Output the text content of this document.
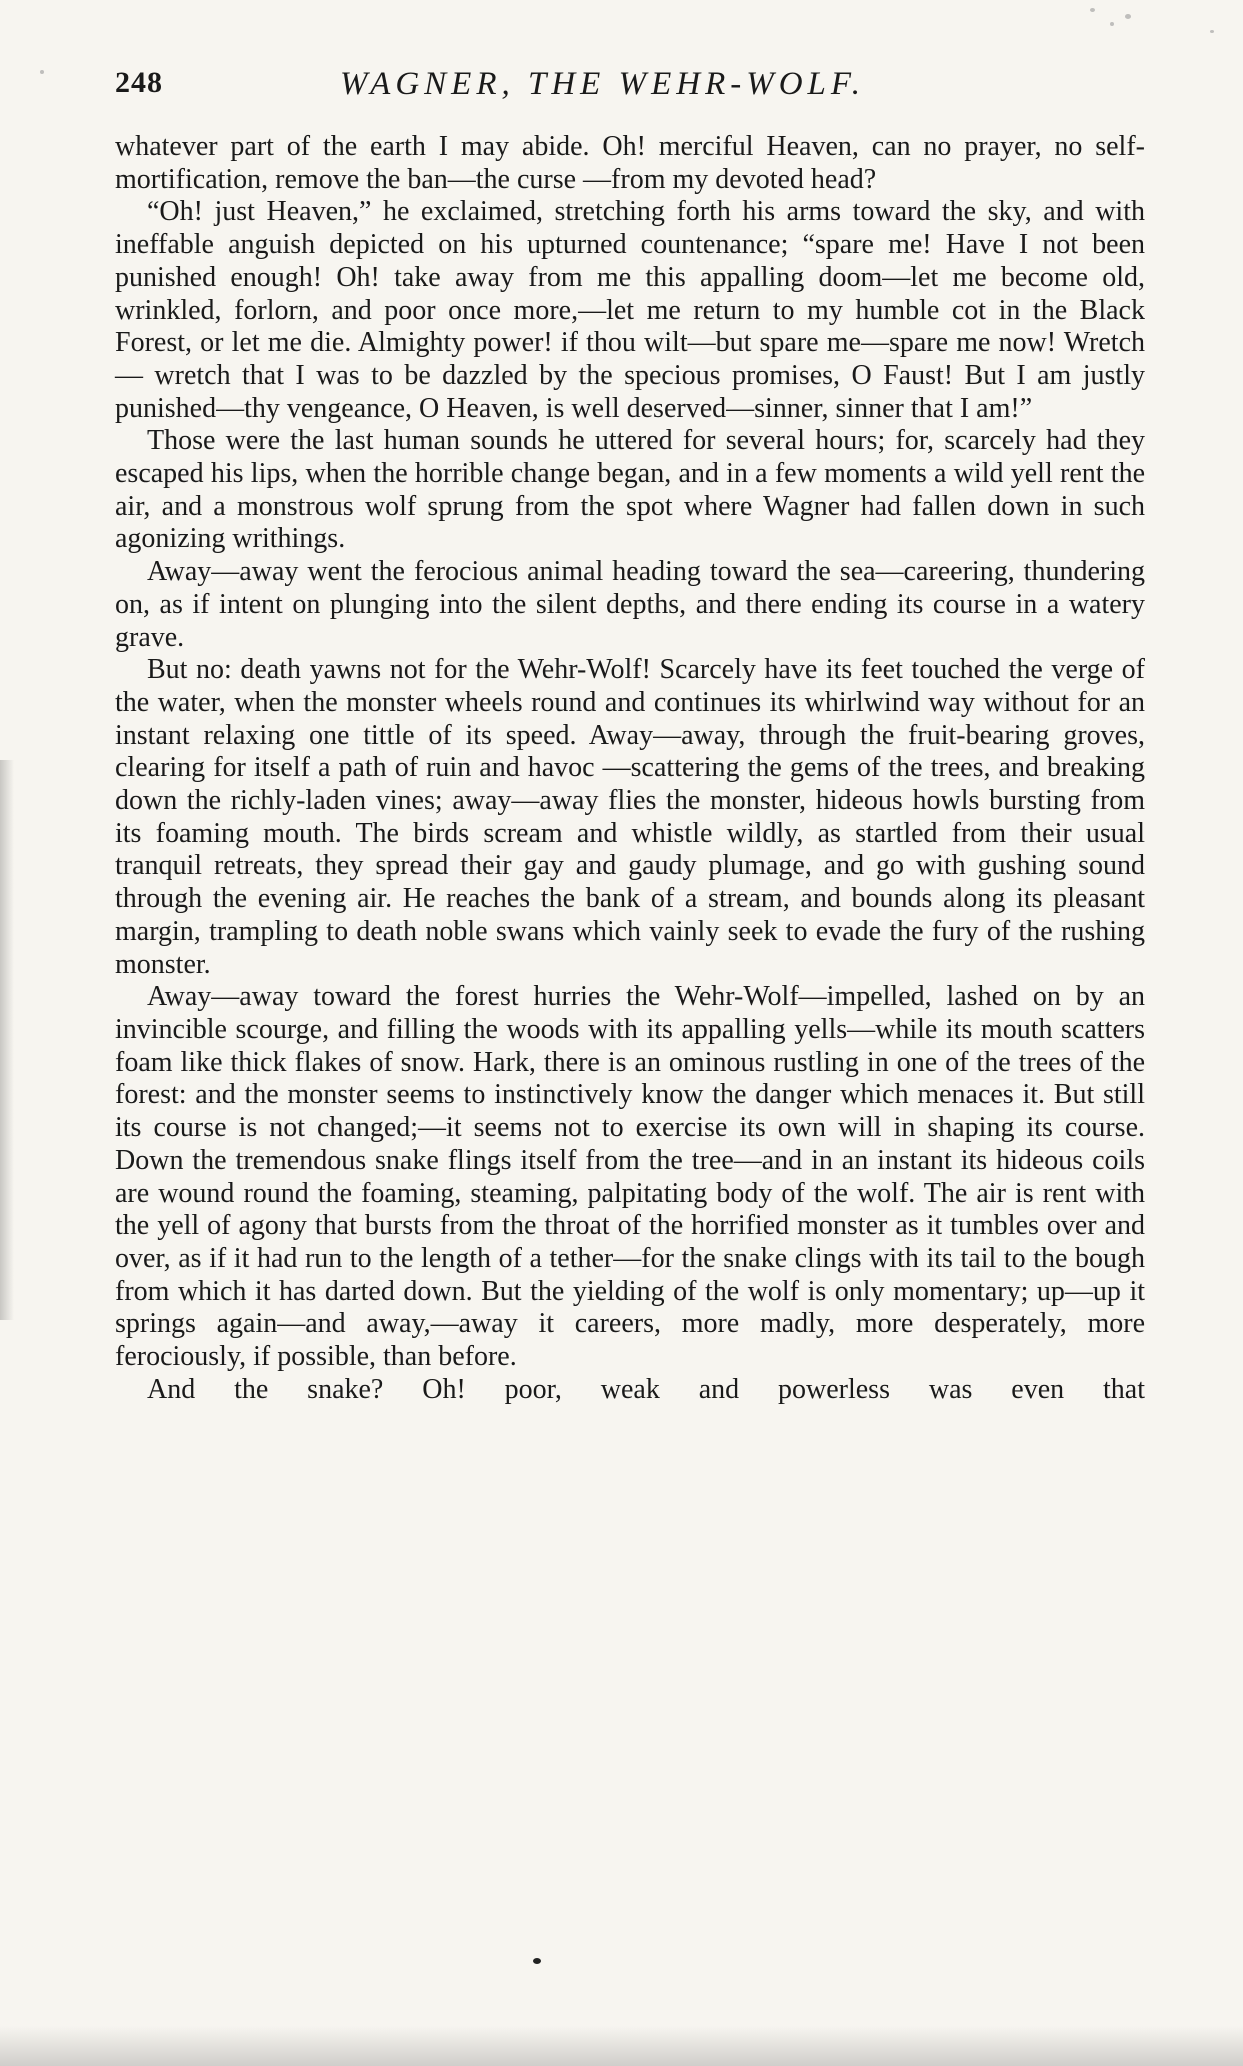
248	WAGNER, THE WEHR-WOLF.

whatever part of the earth I may abide. Oh! merciful Heaven, can no prayer, no self-mortification, remove the ban—the curse —from my devoted head?

“Oh! just Heaven,” he exclaimed, stretching forth his arms toward the sky, and with ineffable anguish depicted on his upturned countenance; “spare me! Have I not been punished enough! Oh! take away from me this appalling doom—let me become old, wrinkled, forlorn, and poor once more,—let me return to my humble cot in the Black Forest, or let me die. Almighty power! if thou wilt—but spare me—spare me now! Wretch — wretch that I was to be dazzled by the specious promises, O Faust! But I am justly punished—thy vengeance, O Heaven, is well deserved—sinner, sinner that I am!”

Those were the last human sounds he uttered for several hours; for, scarcely had they escaped his lips, when the horrible change began, and in a few moments a wild yell rent the air, and a monstrous wolf sprung from the spot where Wagner had fallen down in such agonizing writhings.

Away—away went the ferocious animal heading toward the sea—careering, thundering on, as if intent on plunging into the silent depths, and there ending its course in a watery grave.

But no: death yawns not for the Wehr-Wolf! Scarcely have its feet touched the verge of the water, when the monster wheels round and continues its whirlwind way without for an instant relaxing one tittle of its speed. Away—away, through the fruit-bearing groves, clearing for itself a path of ruin and havoc —scattering the gems of the trees, and breaking down the richly-laden vines; away—away flies the monster, hideous howls bursting from its foaming mouth. The birds scream and whistle wildly, as startled from their usual tranquil retreats, they spread their gay and gaudy plumage, and go with gushing sound through the evening air. He reaches the bank of a stream, and bounds along its pleasant margin, trampling to death noble swans which vainly seek to evade the fury of the rushing monster.

Away—away toward the forest hurries the Wehr-Wolf—impelled, lashed on by an invincible scourge, and filling the woods with its appalling yells—while its mouth scatters foam like thick flakes of snow. Hark, there is an ominous rustling in one of the trees of the forest: and the monster seems to instinctively know the danger which menaces it. But still its course is not changed;—it seems not to exercise its own will in shaping its course. Down the tremendous snake flings itself from the tree—and in an instant its hideous coils are wound round the foaming, steaming, palpitating body of the wolf. The air is rent with the yell of agony that bursts from the throat of the horrified monster as it tumbles over and over, as if it had run to the length of a tether—for the snake clings with its tail to the bough from which it has darted down. But the yielding of the wolf is only momentary; up—up it springs again—and away,—away it careers, more madly, more desperately, more ferociously, if possible, than before.

And the snake? Oh! poor, weak and powerless was even that
